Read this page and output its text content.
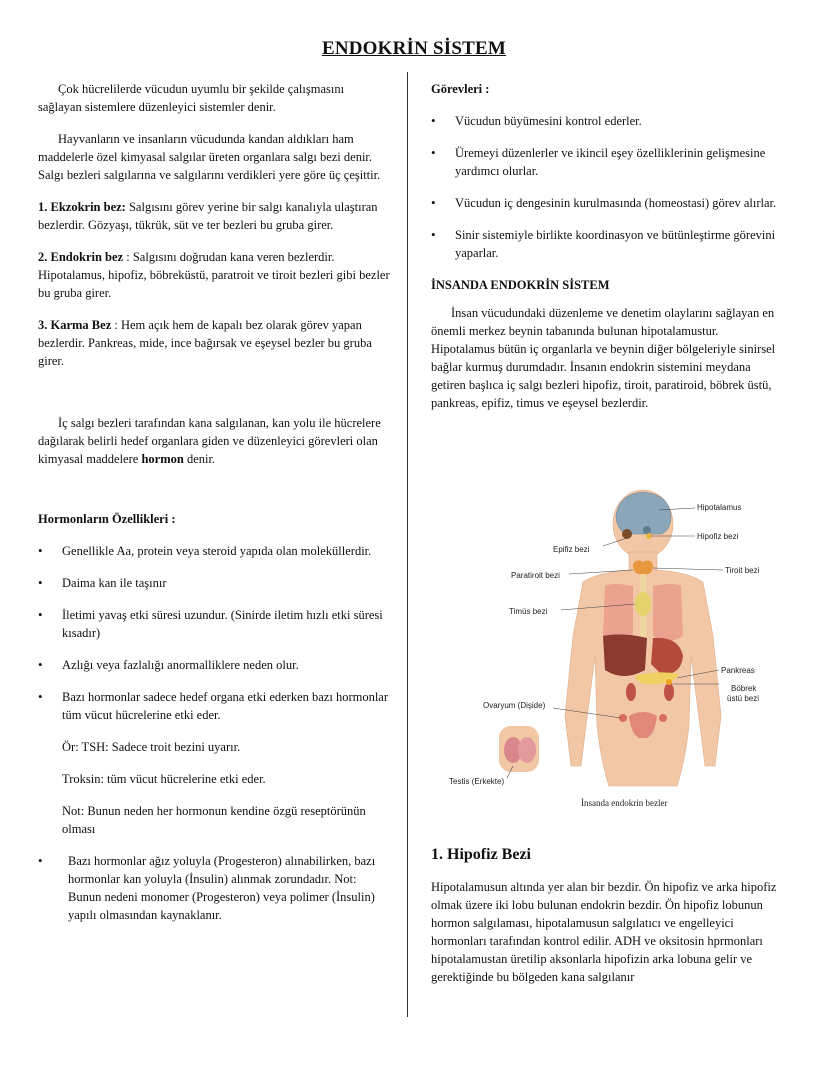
ENDOKRİN SİSTEM

Çok hücrelilerde vücudun uyumlu bir şekilde çalışmasını sağlayan sistemlere düzenleyici sistemler denir.

Hayvanların ve insanların vücudunda kandan aldıkları ham maddelerle özel kimyasal salgılar üreten organlara salgı bezi denir. Salgı bezleri salgılarına ve salgılarını verdikleri yere göre üç çeşittir.

1. Ekzokrin bez: Salgısını görev yerine bir salgı kanalıyla ulaştıran bezlerdir. Gözyaşı, tükrük, süt ve ter bezleri bu gruba girer.

2. Endokrin bez : Salgısını doğrudan kana veren bezlerdir. Hipotalamus, hipofiz, böbreküstü, paratroit ve tiroit bezleri gibi bezler bu gruba girer.

3. Karma Bez : Hem açık hem de kapalı bez olarak görev yapan bezlerdir. Pankreas, mide, ince bağırsak ve eşeysel bezler bu gruba girer.

İç salgı bezleri tarafından kana salgılanan, kan yolu ile hücrelere dağılarak belirli hedef organlara giden ve düzenleyici görevleri olan kimyasal maddelere hormon denir.

Hormonların Özellikleri :

• Genellikle Aa, protein veya steroid yapıda olan moleküllerdir.
• Daima kan ile taşınır
• İletimi yavaş etki süresi uzundur. (Sinirde iletim hızlı etki süresi kısadır)
• Azlığı veya fazlalığı anormalliklere neden olur.
• Bazı hormonlar sadece hedef organa etki ederken bazı hormonlar tüm vücut hücrelerine etki eder.

Ör: TSH: Sadece troit bezini uyarır.

Troksin: tüm vücut hücrelerine etki eder.

Not: Bunun neden her hormonun kendine özgü reseptörünün olması

• Bazı hormonlar ağız yoluyla (Progesteron) alınabilirken, bazı hormonlar kan yoluyla (İnsulin) alınmak zorundadır. Not: Bunun nedeni monomer (Progesteron) veya polimer (İnsulin) yapılı olmasından kaynaklanır.

Görevleri :

• Vücudun büyümesini kontrol ederler.
• Üremeyi düzenlerler ve ikincil eşey özelliklerinin gelişmesine yardımcı olurlar.
• Vücudun iç dengesinin kurulmasında (homeostasi) görev alırlar.
• Sinir sistemiyle birlikte koordinasyon ve bütünleştirme görevini yaparlar.

İNSANDA ENDOKRİN SİSTEM

İnsan vücudundaki düzenleme ve denetim olaylarını sağlayan en önemli merkez beynin tabanında bulunan hipotalamustur. Hipotalamus bütün iç organlarla ve beynin diğer bölgeleriyle sinirsel bağlar kurmuş durumdadır. İnsanın endokrin sistemini meydana getiren başlıca iç salgı bezleri hipofiz, tiroit, paratiroid, böbrek üstü, pankreas, epifiz, timus ve eşeysel bezlerdir.

Hipotalamus
Hipofiz bezi
Epifiz bezi
Tiroit bezi
Paratiroit bezi
Timüs bezi
Pankreas
Böbrek
üstü bezi
Ovaryum (Dişide)
Testis (Erkekte)
İnsanda endokrin bezler

1. Hipofiz Bezi

Hipotalamusun altında yer alan bir bezdir. Ön hipofiz ve arka hipofiz olmak üzere iki lobu bulunan endokrin bezdir. Ön hipofiz lobunun hormon salgılaması, hipotalamusun salgılatıcı ve engelleyici hormonları tarafından kontrol edilir. ADH ve oksitosin hprmonları hipotalamustan üretilip aksonlarla hipofizin arka lobuna gelir ve gerektiğinde bu bölgeden kana salgılanır
